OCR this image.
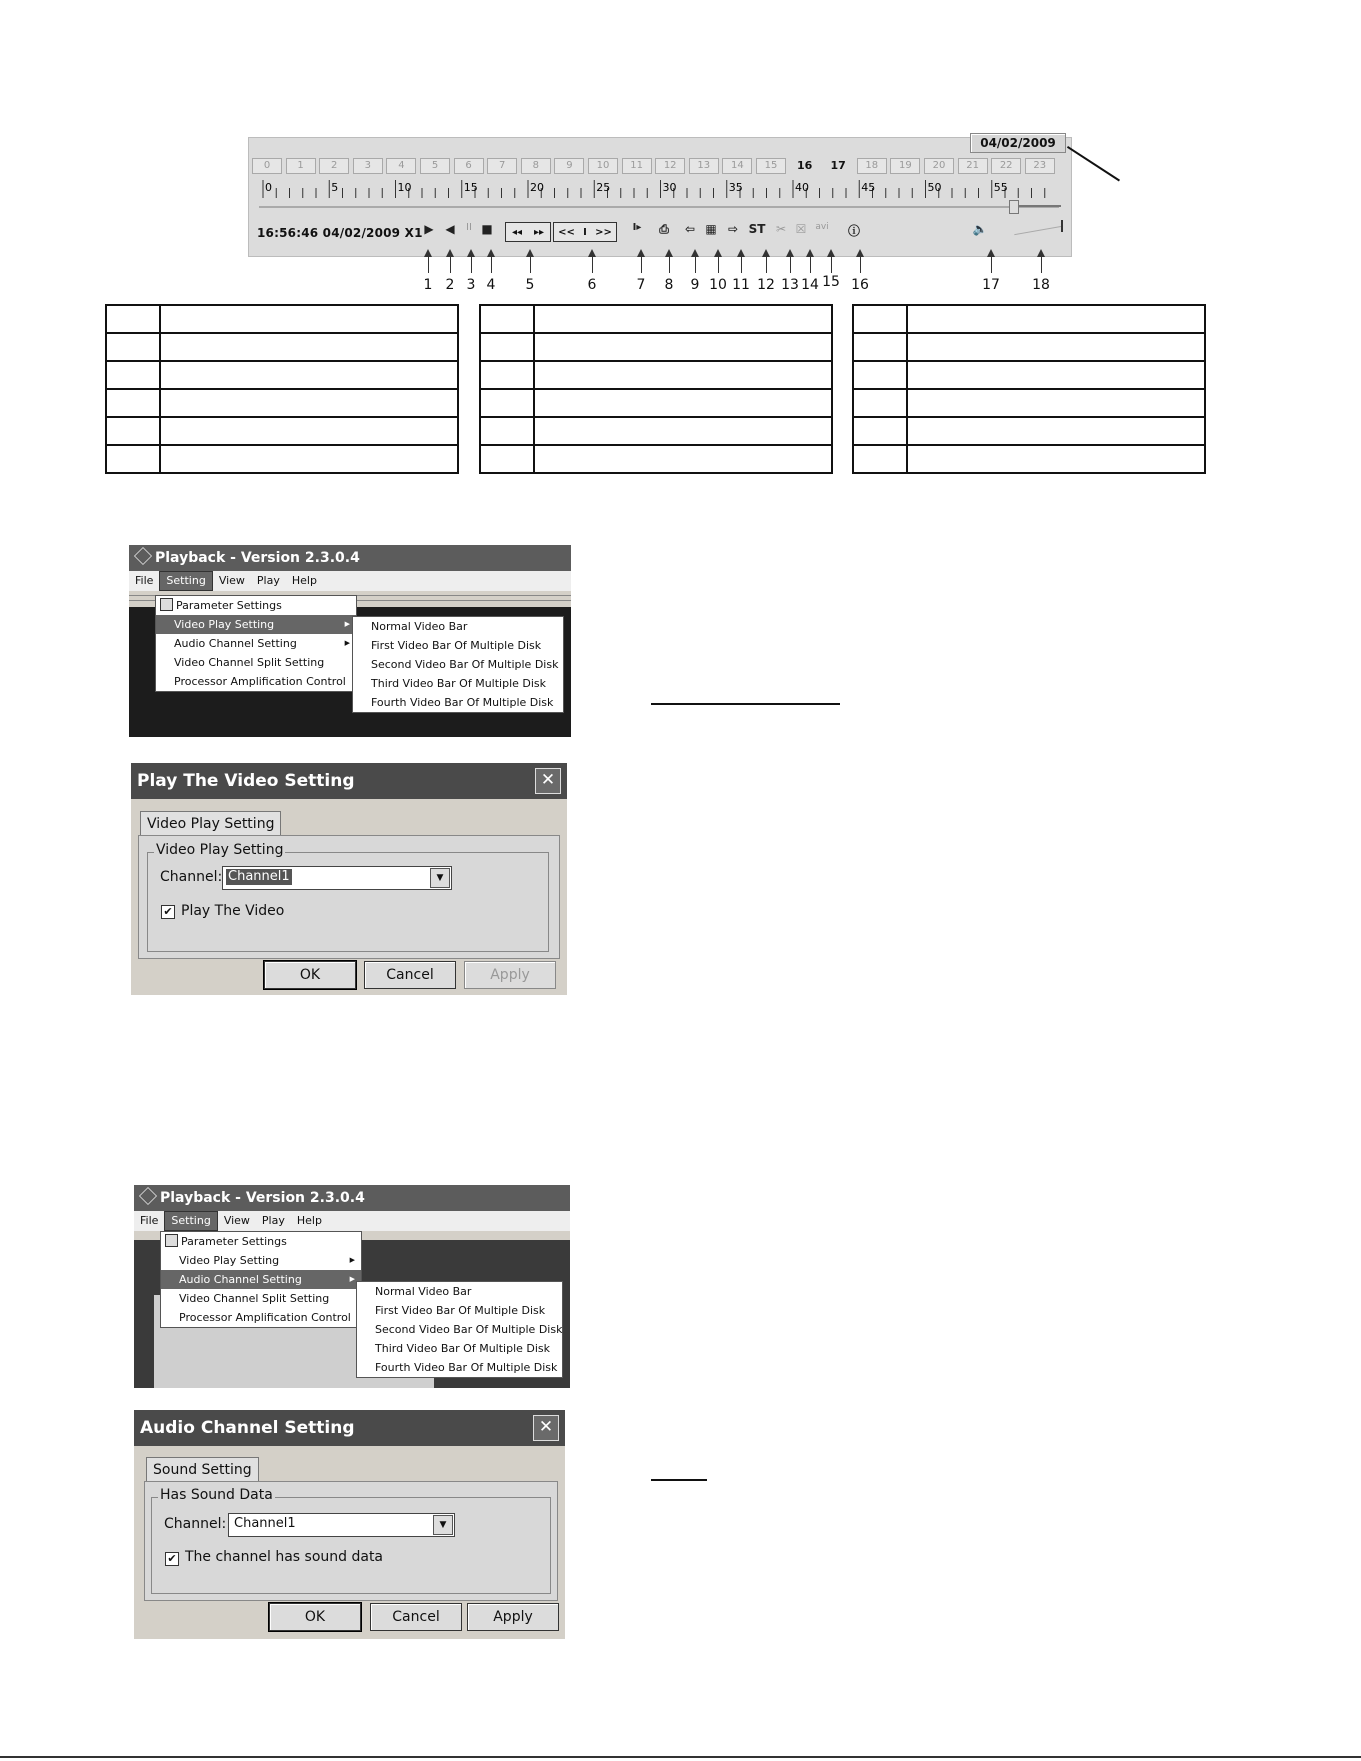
0	1	2	3	4	5	6	7	8	9	10	11	12	13	14	15	16	17	18	19	20	21	22	23
0	5	10	15	20	25	30	35	40	45	50	55
16:56:46 04/02/2009 X1 ▶ ◀	II ■ ◂◂ ▸▸ << I >>	I▸	⎙	⇦ ▦ ⇨ ST ✂ ☒ avi ⓘ	🔈
04/02/2009
1 2 3 4	5	6	7	8	9 10 11 12 13 14 15 16	17 18

Playback - Version 2.3.0.4
File Setting View Play Help
Parameter Settings
Video Play Setting ▶
Audio Channel Setting ▶
Video Channel Split Setting
Processor Amplification Control
Normal Video Bar
First Video Bar Of Multiple Disk
Second Video Bar Of Multiple Disk
Third Video Bar Of Multiple Disk
Fourth Video Bar Of Multiple Disk
Play The Video Setting	✕
Video Play Setting
Video Play Setting
Channel: Channel1	▼
✔ Play The Video
OK	Cancel	Apply
Playback - Version 2.3.0.4
File Setting View Play Help
Parameter Settings
Video Play Setting ▶
Audio Channel Setting ▶
Video Channel Split Setting
Processor Amplification Control
Normal Video Bar
First Video Bar Of Multiple Disk
Second Video Bar Of Multiple Disk
Third Video Bar Of Multiple Disk
Fourth Video Bar Of Multiple Disk
Audio Channel Setting	✕
Sound Setting
Has Sound Data
Channel: Channel1	▼
✔ The channel has sound data
OK	Cancel	Apply
